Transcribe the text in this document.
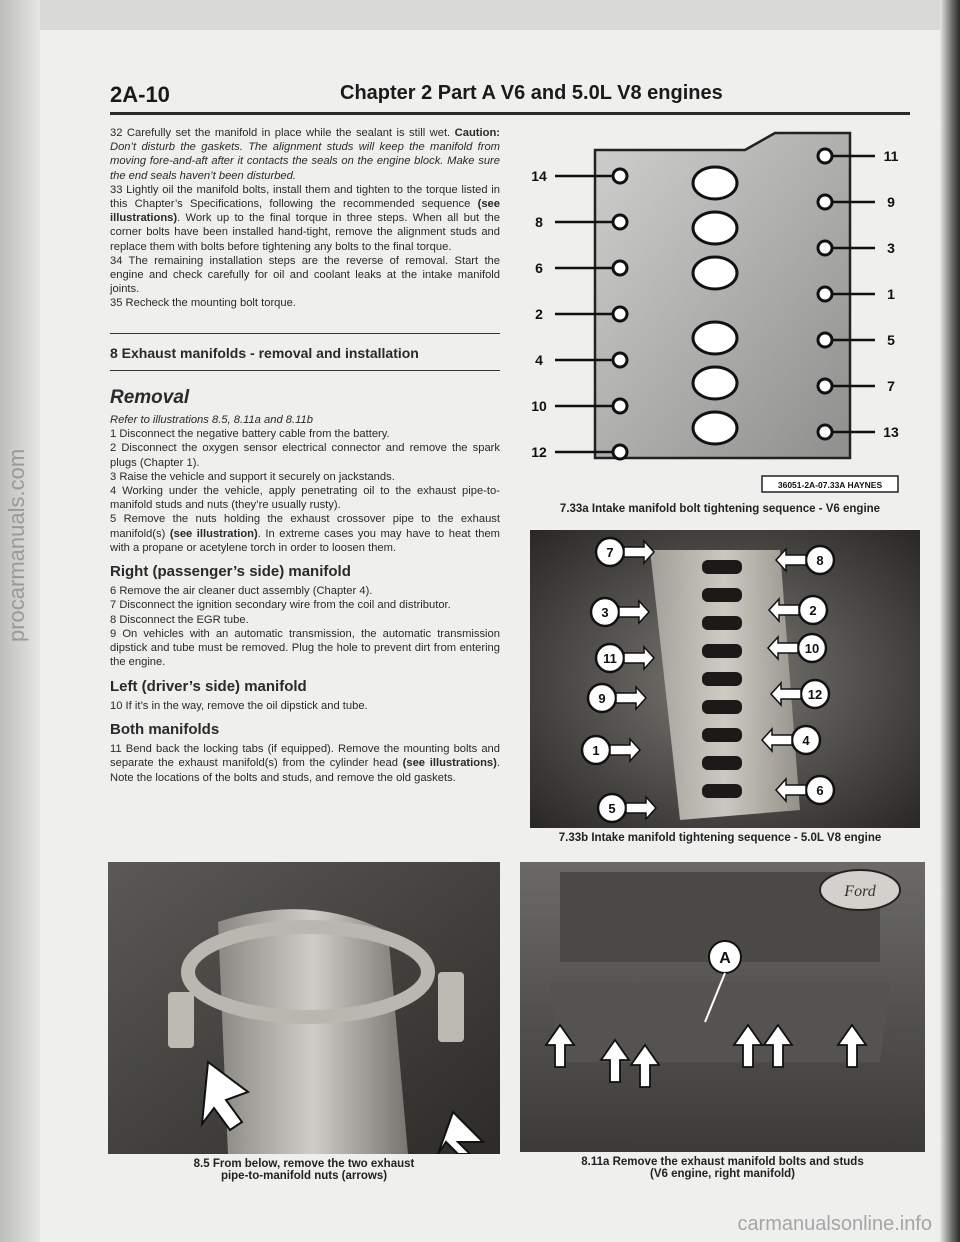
procarmanuals.com
2A-10	Chapter 2 Part A V6 and 5.0L V8 engines

32 Carefully set the manifold in place while the sealant is still wet. Caution: Don’t disturb the gaskets. The alignment studs will keep the manifold from moving fore-and-aft after it contacts the seals on the engine block. Make sure the end seals haven’t been disturbed.

33 Lightly oil the manifold bolts, install them and tighten to the torque listed in this Chapter’s Specifications, following the recommended sequence (see illustrations). Work up to the final torque in three steps. When all but the corner bolts have been installed hand-tight, remove the alignment studs and replace them with bolts before tightening any bolts to the final torque.

34 The remaining installation steps are the reverse of removal. Start the engine and check carefully for oil and coolant leaks at the intake manifold joints.

35 Recheck the mounting bolt torque.

8 Exhaust manifolds - removal and installation
Removal

Refer to illustrations 8.5, 8.11a and 8.11b

1 Disconnect the negative battery cable from the battery.

2 Disconnect the oxygen sensor electrical connector and remove the spark plugs (Chapter 1).

3 Raise the vehicle and support it securely on jackstands.

4 Working under the vehicle, apply penetrating oil to the exhaust pipe-to-manifold studs and nuts (they’re usually rusty).

5 Remove the nuts holding the exhaust crossover pipe to the exhaust manifold(s) (see illustration). In extreme cases you may have to heat them with a propane or acetylene torch in order to loosen them.

Right (passenger’s side) manifold

6 Remove the air cleaner duct assembly (Chapter 4).

7 Disconnect the ignition secondary wire from the coil and distributor.

8 Disconnect the EGR tube.

9 On vehicles with an automatic transmission, the automatic transmission dipstick and tube must be removed. Plug the hole to prevent dirt from entering the engine.

Left (driver’s side) manifold

10 If it’s in the way, remove the oil dipstick and tube.

Both manifolds

11 Bend back the locking tabs (if equipped). Remove the mounting bolts and separate the exhaust manifold(s) from the cylinder head (see illustrations). Note the locations of the bolts and studs, and remove the old gaskets.

14
8
6
2
4
10
12
11
9
3
1
5
7
13
36051-2A-07.33A HAYNES
7.33a Intake manifold bolt tightening sequence - V6 engine
7
3
11
9
1
5
8
2
10
12
4
6
7.33b Intake manifold tightening sequence - 5.0L V8 engine
8.5 From below, remove the two exhaust
pipe-to-manifold nuts (arrows)
Ford
A
8.11a Remove the exhaust manifold bolts and studs
(V6 engine, right manifold)
carmanualsonline.info
